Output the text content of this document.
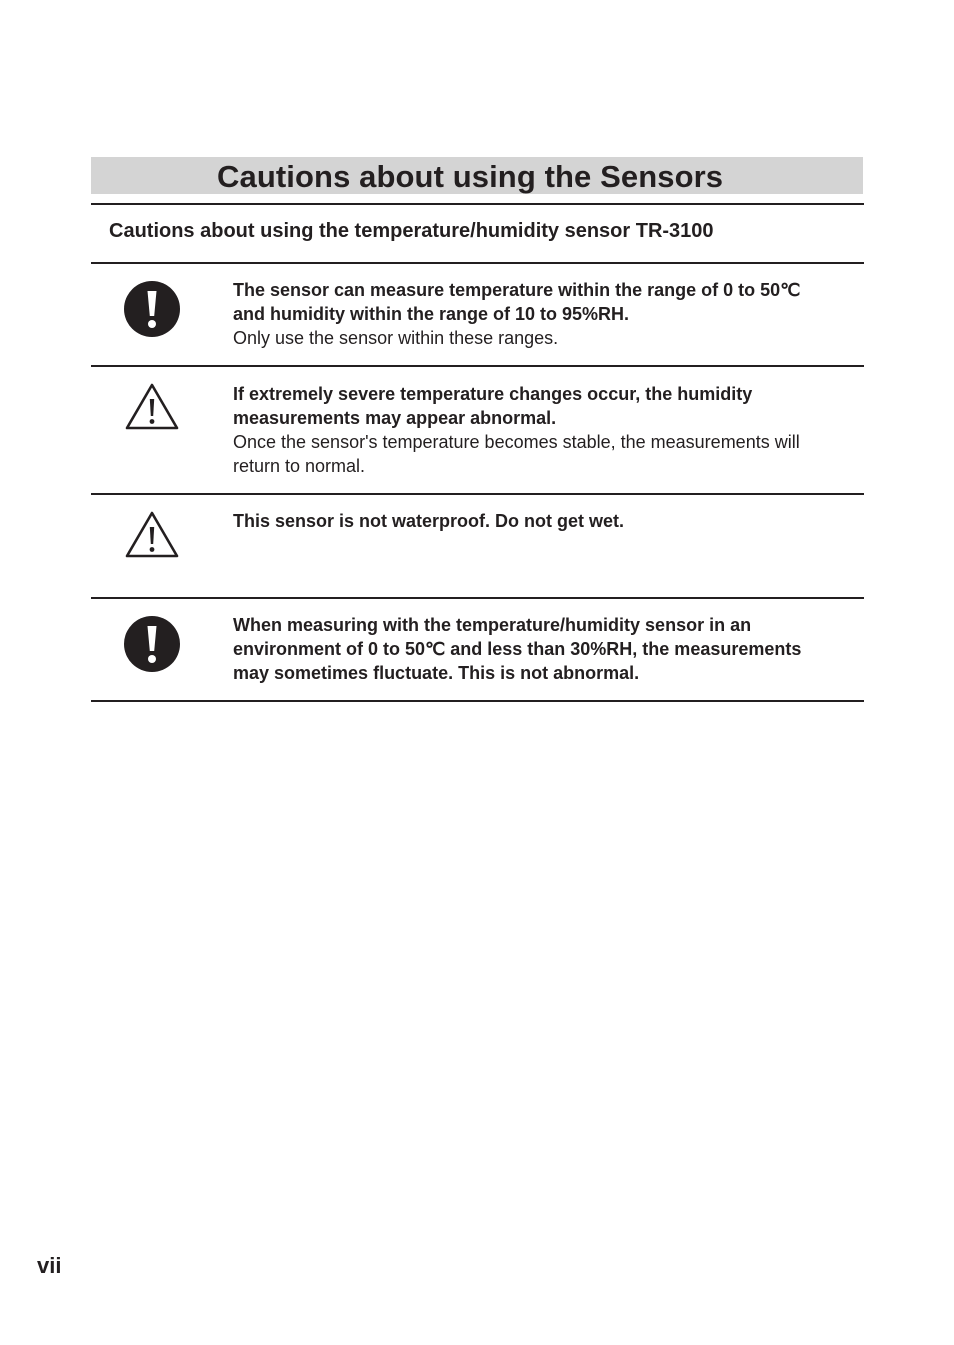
Cautions about using the Sensors
Cautions about using the temperature/humidity sensor TR-3100
The sensor can measure temperature within the range of 0 to 50℃
and humidity within the range of 10 to 95%RH.
Only use the sensor within these ranges.
If extremely severe temperature changes occur, the humidity
measurements may appear abnormal.
Once the sensor's temperature becomes stable, the measurements will
return to normal.
This sensor is not waterproof. Do not get wet.
When measuring with the temperature/humidity sensor in an
environment of 0 to 50℃ and less than 30%RH, the measurements
may sometimes fluctuate. This is not abnormal.
vii
